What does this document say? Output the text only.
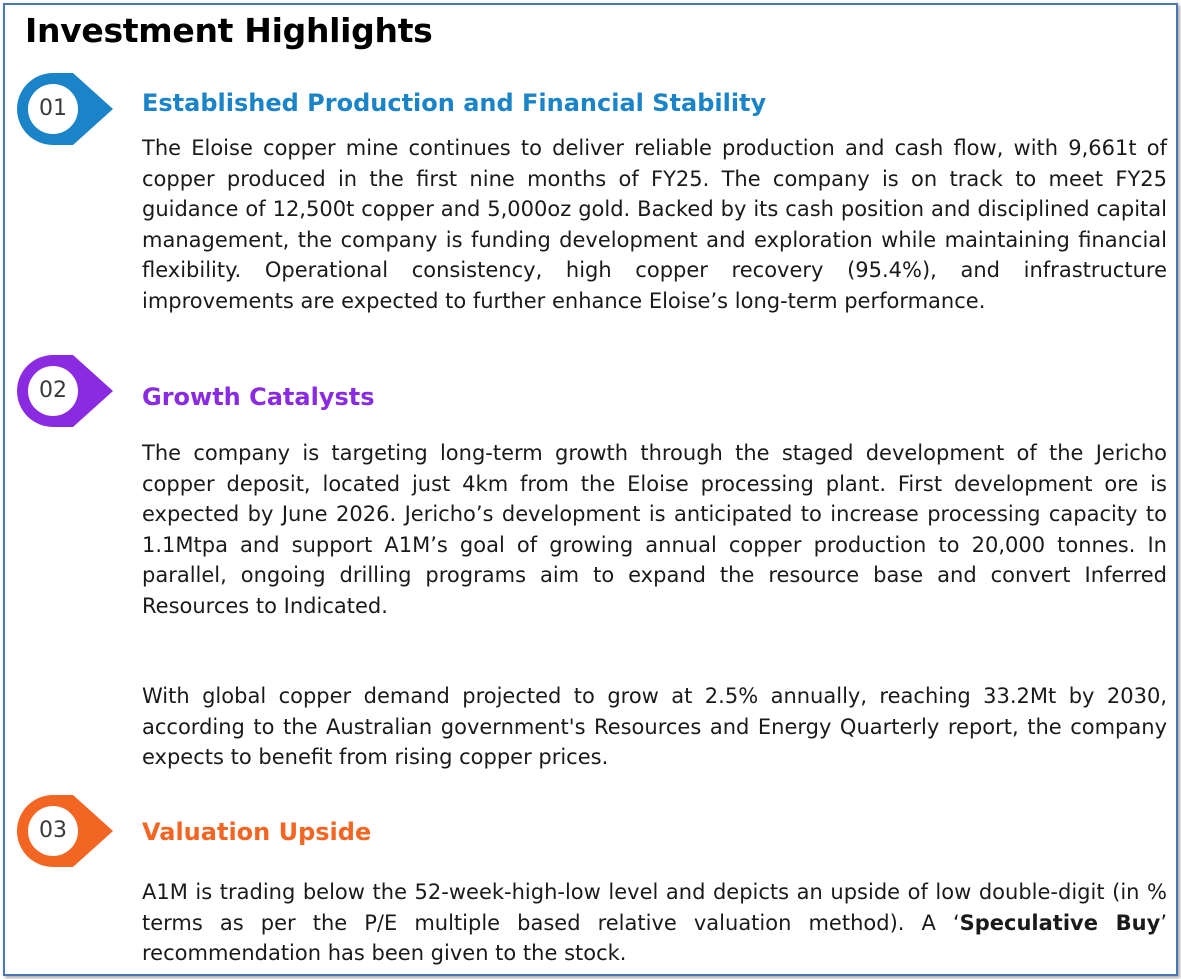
Investment Highlights
01	Established Production and Financial Stability

The Eloise copper mine continues to deliver reliable production and cash flow, with 9,661t of copper produced in the first nine months of FY25. The company is on track to meet FY25 guidance of 12,500t copper and 5,000oz gold. Backed by its cash position and disciplined capital management, the company is funding development and exploration while maintaining financial flexibility. Operational consistency, high copper recovery (95.4%), and infrastructure improvements are expected to further enhance Eloise’s long-term performance.

02	Growth Catalysts

The company is targeting long-term growth through the staged development of the Jericho copper deposit, located just 4km from the Eloise processing plant. First development ore is expected by June 2026. Jericho’s development is anticipated to increase processing capacity to 1.1Mtpa and support A1M’s goal of growing annual copper production to 20,000 tonnes. In parallel, ongoing drilling programs aim to expand the resource base and convert Inferred Resources to Indicated.

With global copper demand projected to grow at 2.5% annually, reaching 33.2Mt by 2030, according to the Australian government's Resources and Energy Quarterly report, the company expects to benefit from rising copper prices.

03	Valuation Upside

A1M is trading below the 52-week-high-low level and depicts an upside of low double-digit (in % terms as per the P/E multiple based relative valuation method). A ‘Speculative Buy’ recommendation has been given to the stock.
